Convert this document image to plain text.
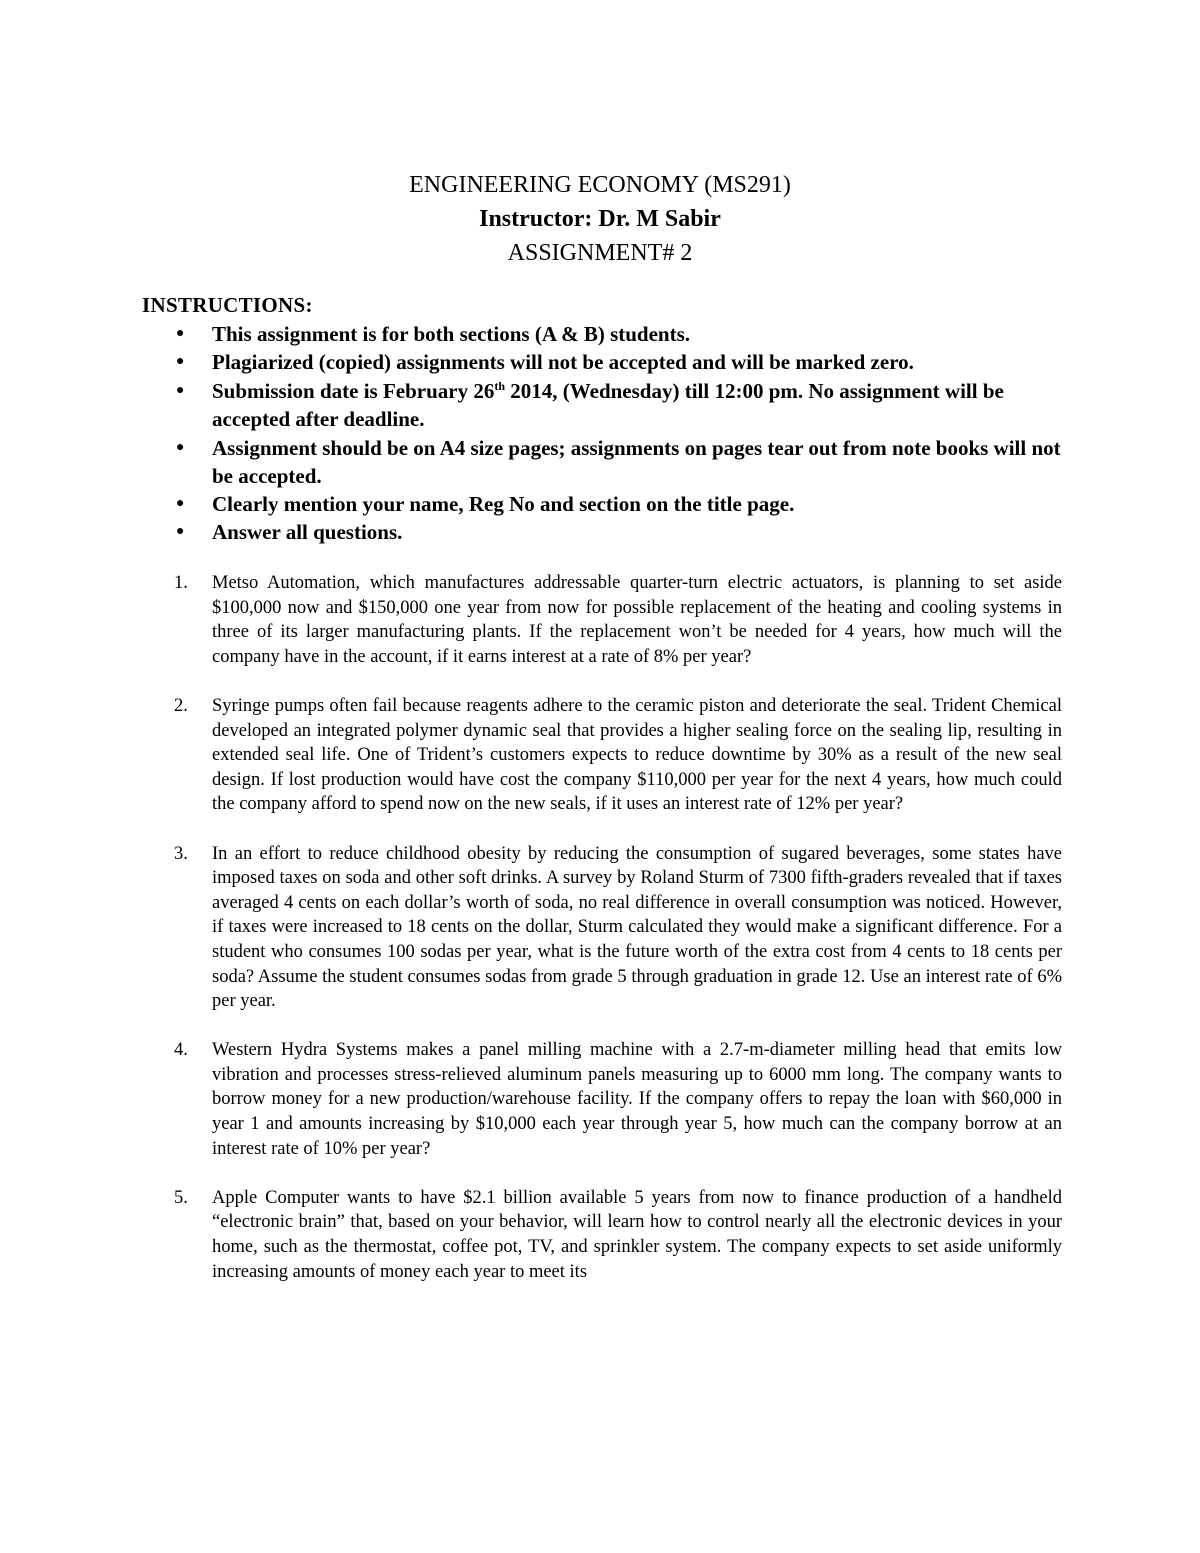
ENGINEERING ECONOMY (MS291)
Instructor: Dr. M Sabir
ASSIGNMENT# 2
INSTRUCTIONS:
● This assignment is for both sections (A & B) students.
● Plagiarized (copied) assignments will not be accepted and will be marked zero.
● Submission date is February 26th 2014, (Wednesday) till 12:00 pm. No assignment will be accepted after deadline.
● Assignment should be on A4 size pages; assignments on pages tear out from note books will not be accepted.
● Clearly mention your name, Reg No and section on the title page.
● Answer all questions.
1. Metso Automation, which manufactures addressable quarter-turn electric actuators, is planning to set aside $100,000 now and $150,000 one year from now for possible replacement of the heating and cooling systems in three of its larger manufacturing plants. If the replacement won’t be needed for 4 years, how much will the company have in the account, if it earns interest at a rate of 8% per year?
2. Syringe pumps often fail because reagents adhere to the ceramic piston and deteriorate the seal. Trident Chemical developed an integrated polymer dynamic seal that provides a higher sealing force on the sealing lip, resulting in extended seal life. One of Trident’s customers expects to reduce downtime by 30% as a result of the new seal design. If lost production would have cost the company $110,000 per year for the next 4 years, how much could the company afford to spend now on the new seals, if it uses an interest rate of 12% per year?
3. In an effort to reduce childhood obesity by reducing the consumption of sugared beverages, some states have imposed taxes on soda and other soft drinks. A survey by Roland Sturm of 7300 fifth-graders revealed that if taxes averaged 4 cents on each dollar’s worth of soda, no real difference in overall consumption was noticed. However, if taxes were increased to 18 cents on the dollar, Sturm calculated they would make a significant difference. For a student who consumes 100 sodas per year, what is the future worth of the extra cost from 4 cents to 18 cents per soda? Assume the student consumes sodas from grade 5 through graduation in grade 12. Use an interest rate of 6% per year.
4. Western Hydra Systems makes a panel milling machine with a 2.7-m-diameter milling head that emits low vibration and processes stress-relieved aluminum panels measuring up to 6000 mm long. The company wants to borrow money for a new production/warehouse facility. If the company offers to repay the loan with $60,000 in year 1 and amounts increasing by $10,000 each year through year 5, how much can the company borrow at an interest rate of 10% per year?
5. Apple Computer wants to have $2.1 billion available 5 years from now to finance production of a handheld “electronic brain” that, based on your behavior, will learn how to control nearly all the electronic devices in your home, such as the thermostat, coffee pot, TV, and sprinkler system. The company expects to set aside uniformly increasing amounts of money each year to meet its
